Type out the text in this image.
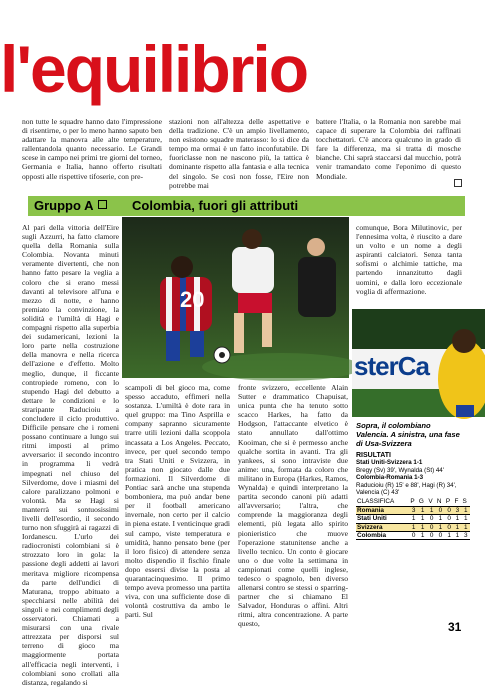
l'equilibrio

non tutte le squadre hanno dato l'impressione di risentirne, o per lo meno hanno saputo ben adattare la manovra alle alte temperature, rallentandola quanto necessario. Le Grandi scese in campo nei primi tre giorni del torneo, Germania e Italia, hanno offerto risultati opposti alle rispettive tifoserie, con pre-

stazioni non all'altezza delle aspettative e della tradizione. C'è un ampio livellamento, non esistono squadre materasso: lo si dice da tempo ma ormai è un fatto inconfutabile. Di fuoriclasse non ne nascono più, la tattica è dominante rispetto alla fantasia e alla tecnica del singolo. Se così non fosse, l'Eire non potrebbe mai

battere l'Italia, o la Romania non sarebbe mai capace di superare la Colombia dei raffinati tocchettatori. C'è ancora qualcuno in grado di fare la differenza, ma si tratta di mosche bianche. Chi saprà staccarsi dal mucchio, potrà venir tramandato come l'eponimo di questo Mondiale.

Gruppo A	Colombia, fuori gli attributi

Al pari della vittoria dell'Eire sugli Azzurri, ha fatto clamore quella della Romania sulla Colombia. Novanta minuti veramente divertenti, che non hanno fatto pesare la veglia a coloro che si erano messi davanti al televisore all'una e mezzo di notte, e hanno premiato la convinzione, la solidità e l'umiltà di Hagi e compagni rispetto alla superbia dei sudamericani, lezioni la loro parte nella costruzione della manovra e nella ricerca dell'azione e d'effetto. Molto meglio, dunque, il ficcante contropiede romeno, con lo stupendo Hagi del debutto a dettare le condizioni e lo straripante Raducioiu a concludere il ciclo produttivo. Difficile pensare che i romeni possano continuare a lungo sui ritmi imposti al primo avversario: il secondo incontro in programma li vedrà impegnati nel chiuso del Silverdome, dove i miasmi del calore paralizzano polmoni e volontà. Ma se Hagi si manterrà sui sontuosissimi livelli dell'esordio, il secondo turno non sfuggirà ai ragazzi di Iordanescu. L'urlo dei radiocronisti colombiani si è strozzato loro in gola: la passione degli addetti ai lavori meritava migliore ricompensa da parte dell'undici di Maturana, troppo abituato a specchiarsi nelle abilità dei singoli e nei complimenti degli osservatori. Chiamati a misurarsi con una rivale attrezzata per disporsi sul terreno di gioco ma maggiormente portata all'efficacia negli interventi, i colombiani sono crollati alla distanza, regalando si

20

scampoli di bel gioco ma, come spesso accaduto, effimeri nella sostanza. L'umiltà è dote rara in quel gruppo: ma Tino Asprilla e company sapranno sicuramente trarre utili lezioni dalla scoppola incassata a Los Angeles. Peccato, invece, per quel secondo tempo tra Stati Uniti e Svizzera, in pratica non giocato dalle due formazioni. Il Silverdome di Pontiac sarà anche una stupenda bomboniera, ma può andar bene per il football americano invernale, non certo per il calcio in piena estate. I venticinque gradi sul campo, viste temperatura e umidità, hanno pensato bene (per il loro fisico) di attendere senza molto dispendio il fischio finale dopo essersi divise la posta al quarantacinquesimo. Il primo tempo aveva promesso una partita viva, con una sufficiente dose di volontà costruttiva da ambo le parti. Sul

fronte svizzero, eccellente Alain Sutter e drammatico Chapuisat, unica punta che ha tenuto sotto scacco Harkes, ha fatto da Hodgson, l'attaccante elvetico è stato annullato dall'ottimo Kooiman, che si è permesso anche qualche sortita in avanti. Tra gli yankees, si sono intraviste due anime: una, formata da coloro che militano in Europa (Harkes, Ramos, Wynalda) e quindi interpretano la partita secondo canoni più adatti all'avversario; l'altra, che comprende la maggioranza degli elementi, più legata allo spirito pionieristico che muove l'operazione statunitense anche a livello tecnico. Un conto è giocare uno o due volte la settimana in campionati come quelli inglese, tedesco o spagnolo, ben diverso allenarsi contro se stessi o sparring-partner che si chiamano El Salvador, Honduras o affini. Altri ritmi, altra concentrazione. A parte questo,

comunque, Bora Milutinovic, per l'ennesima volta, è riuscito a dare un volto e un nome a degli aspiranti calciatori. Senza tanta sofismi o alchimie tattiche, ma partendo innanzitutto dagli uomini, e dalla loro eccezionale voglia di affermazione.

sterCa

Sopra, il colombiano Valencia. A sinistra, una fase di Usa-Svizzera

RISULTATI
Stati Uniti-Svizzera 1-1
Bregy (Sv) 39', Wynalda (St) 44'
Colombia-Romania 1-3
Raducioiu (R) 15' e 88', Hagi (R) 34', Valencia (C) 43'
CLASSIFICA	P	G	V	N	P	F	S
Romania	3	1	1	0	0	3	1
Stati Uniti	1	1	0	1	0	1	1
Svizzera	1	1	0	1	0	1	1
Colombia	0	1	0	0	1	1	3
31
